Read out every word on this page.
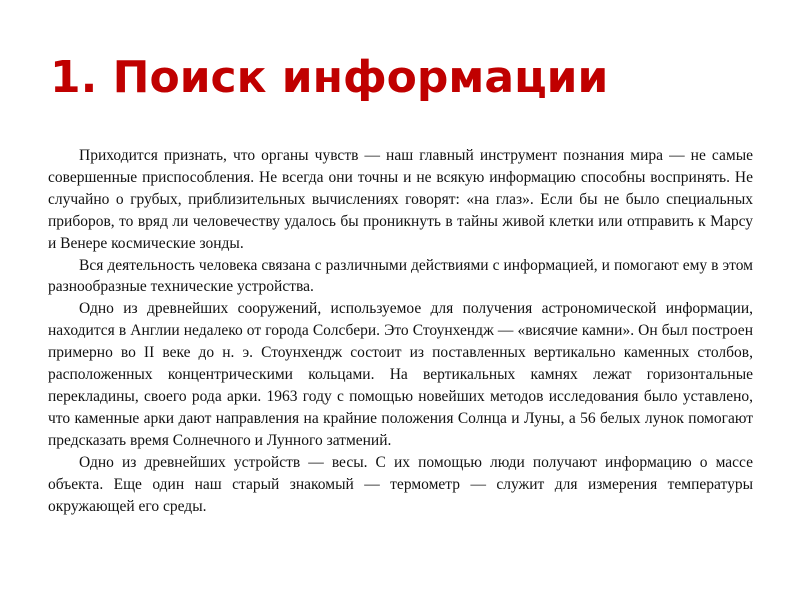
1. Поиск информации

Приходится признать, что органы чувств — наш главный инструмент познания мира — не самые совершенные приспособления. Не всегда они точны и не всякую информацию способны воспринять. Не случайно о грубых, приблизительных вычислениях говорят: «на глаз». Если бы не было специальных приборов, то вряд ли человечеству удалось бы проникнуть в тайны живой клетки или отправить к Марсу и Венере космические зонды.

Вся деятельность человека связана с различными действиями с информацией, и помогают ему в этом разнообразные технические устройства.

Одно из древнейших сооружений, используемое для получения астрономической информации, находится в Англии недалеко от города Солсбери. Это Стоунхендж — «висячие камни». Он был построен примерно во II веке до н. э. Стоунхендж состоит из поставленных вертикально каменных столбов, расположенных концентрическими кольцами. На вертикальных камнях лежат горизонтальные перекладины, своего рода арки. 1963 году с помощью новейших методов исследования было уставлено, что каменные арки дают направления на крайние положения Солнца и Луны, а 56 белых лунок помогают предсказать время Солнечного и Лунного затмений.

Одно из древнейших устройств — весы. С их помощью люди получают информацию о массе объекта. Еще один наш старый знакомый — термометр — служит для измерения температуры окружающей его среды.
